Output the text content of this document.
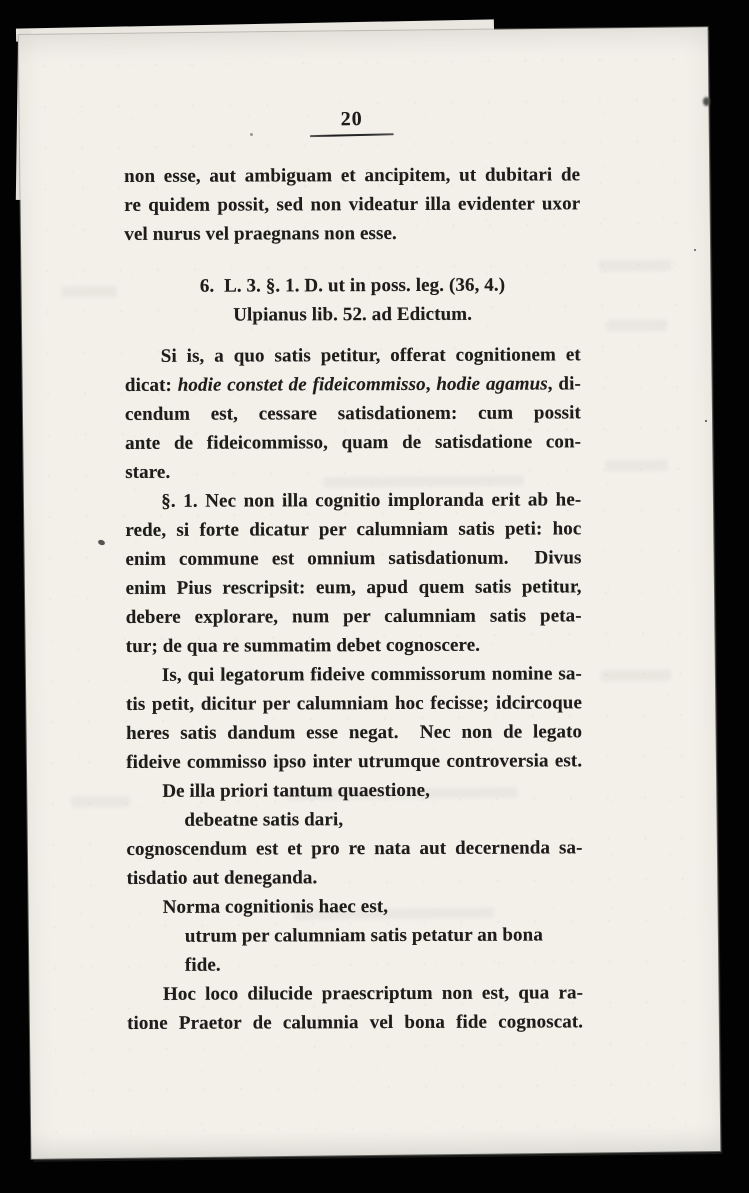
20
non esse, aut ambiguam et ancipitem, ut dubitari de
re quidem possit, sed non videatur illa evidenter uxor
vel nurus vel praegnans non esse.
6.  L. 3. §. 1. D. ut in poss. leg. (36, 4.)
Ulpianus lib. 52. ad Edictum.
Si is, a quo satis petitur, offerat cognitionem et
dicat: hodie constet de fideicommisso, hodie agamus, di-
cendum est, cessare satisdationem: cum possit
ante de fideicommisso, quam de satisdatione con-
stare.
§. 1. Nec non illa cognitio imploranda erit ab he-
rede, si forte dicatur per calumniam satis peti: hoc
enim commune est omnium satisdationum.  Divus
enim Pius rescripsit: eum, apud quem satis petitur,
debere explorare, num per calumniam satis peta-
tur; de qua re summatim debet cognoscere.
Is, qui legatorum fideive commissorum nomine sa-
tis petit, dicitur per calumniam hoc fecisse; idcircoque
heres satis dandum esse negat.  Nec non de legato
fideive commisso ipso inter utrumque controversia est.
De illa priori tantum quaestione,
debeatne satis dari,
cognoscendum est et pro re nata aut decernenda sa-
tisdatio aut deneganda.
Norma cognitionis haec est,
utrum per calumniam satis petatur an bona fide.
Hoc loco dilucide praescriptum non est, qua ra-
tione Praetor de calumnia vel bona fide cognoscat.
